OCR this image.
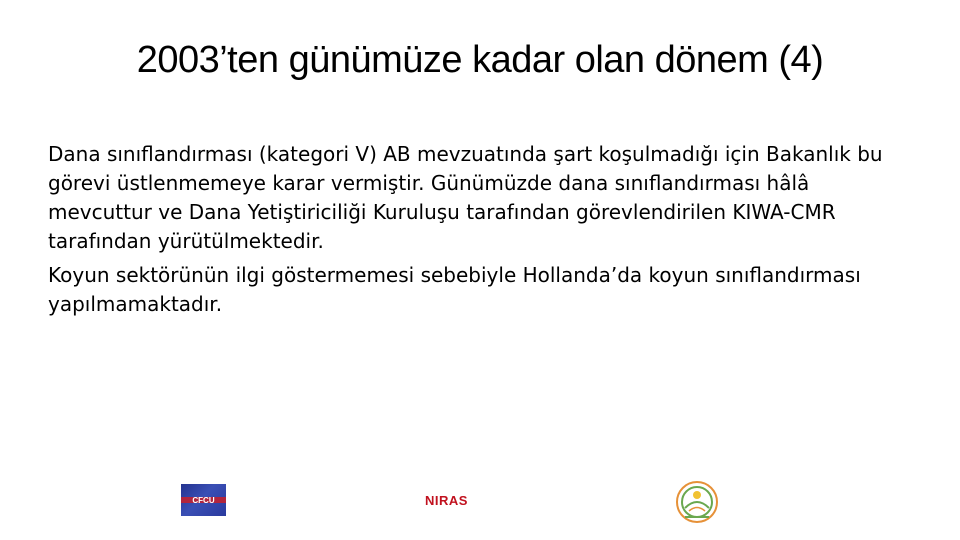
2003’ten günümüze kadar olan dönem (4)

Dana sınıflandırması (kategori V) AB mevzuatında şart koşulmadığı için Bakanlık bu görevi üstlenmemeye karar vermiştir. Günümüzde dana sınıflandırması hâlâ mevcuttur ve Dana Yetiştiriciliği Kuruluşu tarafından görevlendirilen KIWA-CMR tarafından yürütülmektedir.

Koyun sektörünün ilgi göstermemesi sebebiyle Hollanda’da koyun sınıflandırması yapılmamaktadır.

CFCU	NIRAS
